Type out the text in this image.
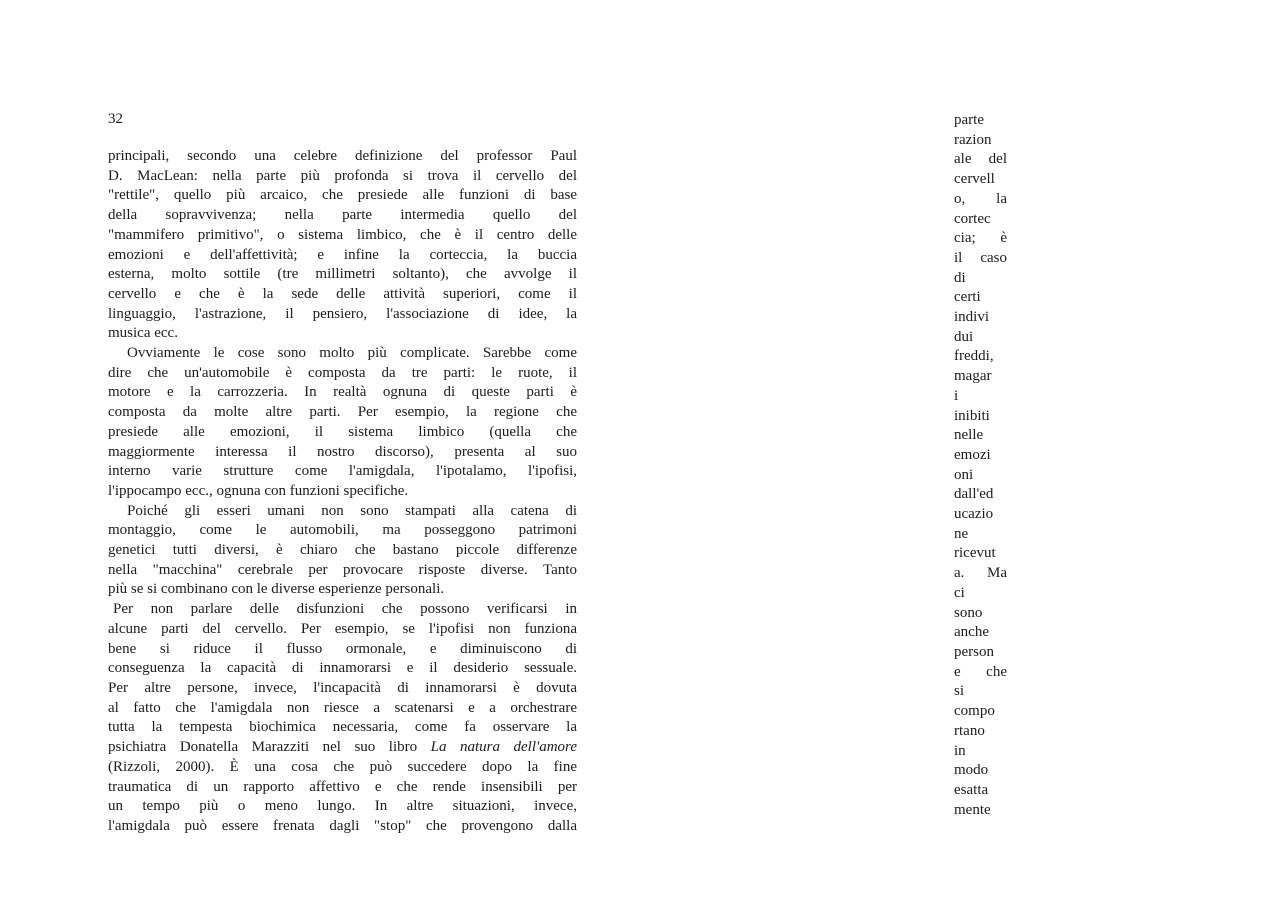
32
principali, secondo una celebre definizione del professor Paul
D. MacLean: nella parte più profonda si trova il cervello del
"rettile", quello più arcaico, che presiede alle funzioni di base
della sopravvivenza; nella parte intermedia quello del
"mammifero primitivo", o sistema limbico, che è il centro delle
emozioni e dell'affettività; e infine la corteccia, la buccia
esterna, molto sottile (tre millimetri soltanto), che avvolge il
cervello e che è la sede delle attività superiori, come il
linguaggio, l'astrazione, il pensiero, l'associazione di idee, la
musica ecc.
Ovviamente le cose sono molto più complicate. Sarebbe come
dire che un'automobile è composta da tre parti: le ruote, il
motore e la carrozzeria. In realtà ognuna di queste parti è
composta da molte altre parti. Per esempio, la regione che
presiede alle emozioni, il sistema limbico (quella che
maggiormente interessa il nostro discorso), presenta al suo
interno varie strutture come l'amigdala, l'ipotalamo, l'ipofisi,
l'ippocampo ecc., ognuna con funzioni specifiche.
Poiché gli esseri umani non sono stampati alla catena di
montaggio, come le automobili, ma posseggono patrimoni
genetici tutti diversi, è chiaro che bastano piccole differenze
nella "macchina" cerebrale per provocare risposte diverse. Tanto
più se si combinano con le diverse esperienze personali.
Per non parlare delle disfunzioni che possono verificarsi in
alcune parti del cervello. Per esempio, se l'ipofisi non funziona
bene si riduce il flusso ormonale, e diminuiscono di
conseguenza la capacità di innamorarsi e il desiderio sessuale.
Per altre persone, invece, l'incapacità di innamorarsi è dovuta
al fatto che l'amigdala non riesce a scatenarsi e a orchestrare
tutta la tempesta biochimica necessaria, come fa osservare la
psichiatra Donatella Marazziti nel suo libro La natura dell'amore
(Rizzoli, 2000). È una cosa che può succedere dopo la fine
traumatica di un rapporto affettivo e che rende insensibili per
un tempo più o meno lungo. In altre situazioni, invece,
l'amigdala può essere frenata dagli "stop" che provengono dalla
parte
razion
ale del
cervell
o, la
cortec
cia; è
il caso
di
certi
indivi
dui
freddi,
magar
i
inibiti
nelle
emozi
oni
dall'ed
ucazio
ne
ricevut
a. Ma
ci
sono
anche
person
e che
si
compo
rtano
in
modo
esatta
mente
